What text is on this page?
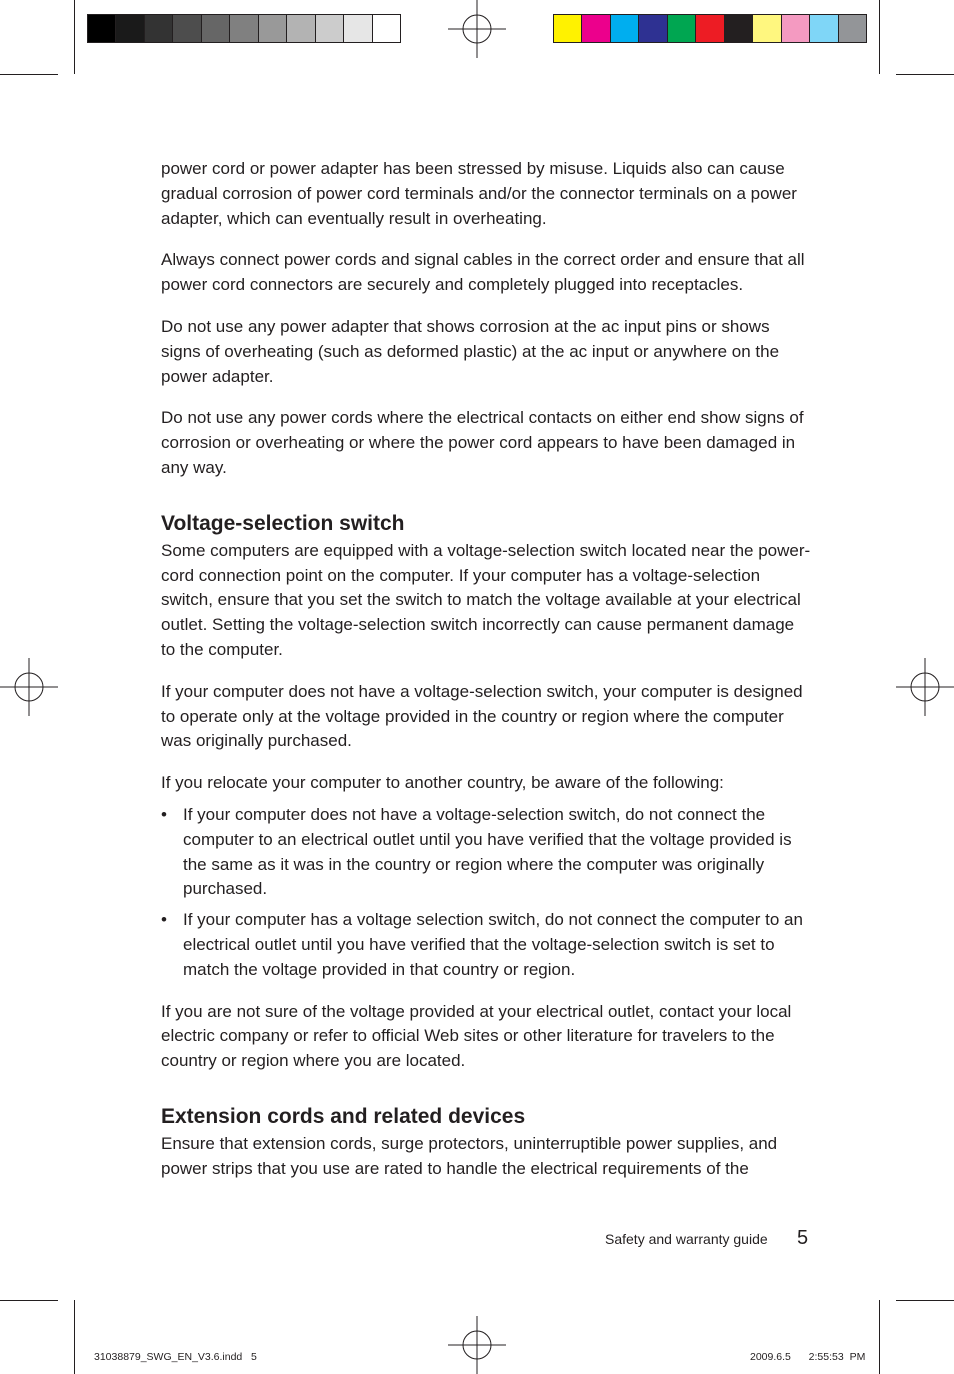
power cord or power adapter has been stressed by misuse. Liquids also can cause gradual corrosion of power cord terminals and/or the connector terminals on a power adapter, which can eventually result in overheating.

Always connect power cords and signal cables in the correct order and ensure that all power cord connectors are securely and completely plugged into receptacles.

Do not use any power adapter that shows corrosion at the ac input pins or shows signs of overheating (such as deformed plastic) at the ac input or anywhere on the power adapter.

Do not use any power cords where the electrical contacts on either end show signs of corrosion or overheating or where the power cord appears to have been damaged in any way.

Voltage-selection switch

Some computers are equipped with a voltage-selection switch located near the power-cord connection point on the computer. If your computer has a voltage-selection switch, ensure that you set the switch to match the voltage available at your electrical outlet. Setting the voltage-selection switch incorrectly can cause permanent damage to the computer.

If your computer does not have a voltage-selection switch, your computer is designed to operate only at the voltage provided in the country or region where the computer was originally purchased.

If you relocate your computer to another country, be aware of the following:

• If your computer does not have a voltage-selection switch, do not connect the computer to an electrical outlet until you have verified that the voltage provided is the same as it was in the country or region where the computer was originally purchased.
• If your computer has a voltage selection switch, do not connect the computer to an electrical outlet until you have verified that the voltage-selection switch is set to match the voltage provided in that country or region.

If you are not sure of the voltage provided at your electrical outlet, contact your local electric company or refer to official Web sites or other literature for travelers to the country or region where you are located.

Extension cords and related devices

Ensure that extension cords, surge protectors, uninterruptible power supplies, and power strips that you use are rated to handle the electrical requirements of the

Safety and warranty guide 5
31038879_SWG_EN_V3.6.indd   5	2009.6.5 2:55:53 PM
